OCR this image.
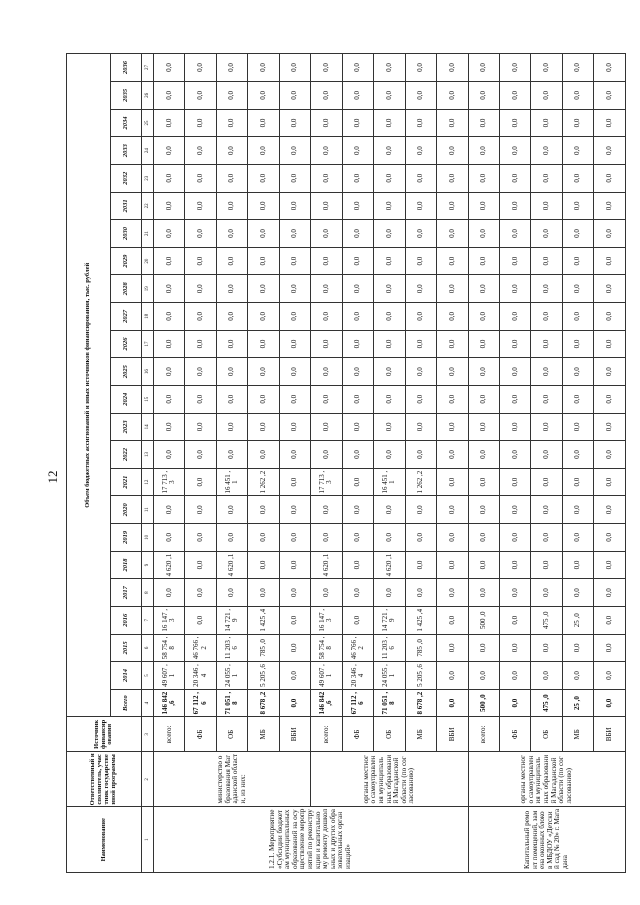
12
Наименование	Ответственный исполнитель, участник государственной программы	Источник финансирования	Объем бюджетных ассигнований и иных источников финансирования, тыс. рублей																							
			Всего	2014	2015	2016	2017	2018	2019	2020	2021	2022	2023	2024	2025	2026	2027	2028	2029	2030	2031	2032	2033	2034	2035	2036
1	2	3	4	5	6	7	8	9	10	11	12	13	14	15	16	17	18	19	20	21	22	23	24	25	26	27
1.2.1. Мероприятие «Субсидии бюджетам муниципальных образований на осуществление мероприятий по реконструкции и капитальному ремонту дошкольных и других образовательных организаций»	министерство образования Магаданской области, из них:	всего:	146 842 ,6	49 607 ,1	58 754 ,8	16 147 ,3	0,0	4 620 ,1	0,0	0,0	17 713 ,3	0,0	0,0	0,0	0,0	0,0	0,0	0,0	0,0	0,0	0,0	0,0	0,0	0,0	0,0	0,0
		ФБ	67 112 ,6	20 346 ,4	46 766 ,2	0,0	0,0	0,0	0,0	0,0	0,0	0,0	0,0	0,0	0,0	0,0	0,0	0,0	0,0	0,0	0,0	0,0	0,0	0,0	0,0	0,0
		ОБ	71 051 ,8	24 055 ,1	11 203 ,6	14 721 ,9	0,0	4 620 ,1	0,0	0,0	16 451 ,1	0,0	0,0	0,0	0,0	0,0	0,0	0,0	0,0	0,0	0,0	0,0	0,0	0,0	0,0	0,0
		МБ	8 678 ,2	5 205 ,6	785 ,0	1 425 ,4	0,0	0,0	0,0	0,0	1 262 ,2	0,0	0,0	0,0	0,0	0,0	0,0	0,0	0,0	0,0	0,0	0,0	0,0	0,0	0,0	0,0
		ВБИ	0,0	0,0	0,0	0,0	0,0	0,0	0,0	0,0	0,0	0,0	0,0	0,0	0,0	0,0	0,0	0,0	0,0	0,0	0,0	0,0	0,0	0,0	0,0	0,0
	органы местного самоуправления муниципальных образований Магаданской области (по согласованию)	всего:	146 842 ,6	49 607 ,1	58 754 ,8	16 147 ,3	0,0	4 620 ,1	0,0	0,0	17 713 ,3	0,0	0,0	0,0	0,0	0,0	0,0	0,0	0,0	0,0	0,0	0,0	0,0	0,0	0,0	0,0
		ФБ	67 112 ,6	20 346 ,4	46 766 ,2	0,0	0,0	0,0	0,0	0,0	0,0	0,0	0,0	0,0	0,0	0,0	0,0	0,0	0,0	0,0	0,0	0,0	0,0	0,0	0,0	0,0
		ОБ	71 051 ,8	24 055 ,1	11 203 ,6	14 721 ,9	0,0	4 620 ,1	0,0	0,0	16 451 ,1	0,0	0,0	0,0	0,0	0,0	0,0	0,0	0,0	0,0	0,0	0,0	0,0	0,0	0,0	0,0
		МБ	8 678 ,2	5 205 ,6	785 ,0	1 425 ,4	0,0	0,0	0,0	0,0	1 262 ,2	0,0	0,0	0,0	0,0	0,0	0,0	0,0	0,0	0,0	0,0	0,0	0,0	0,0	0,0	0,0
		ВБИ	0,0	0,0	0,0	0,0	0,0	0,0	0,0	0,0	0,0	0,0	0,0	0,0	0,0	0,0	0,0	0,0	0,0	0,0	0,0	0,0	0,0	0,0	0,0	0,0
Капитальный ремонт помещений, замена оконных блоков МБДОУ «Детский сад № 20» г. Магадана	органы местного самоуправления муниципальных образований Магаданской области (по согласованию)	всего:	500 ,0	0,0	0,0	500 ,0	0,0	0,0	0,0	0,0	0,0	0,0	0,0	0,0	0,0	0,0	0,0	0,0	0,0	0,0	0,0	0,0	0,0	0,0	0,0	0,0
		ФБ	0,0	0,0	0,0	0,0	0,0	0,0	0,0	0,0	0,0	0,0	0,0	0,0	0,0	0,0	0,0	0,0	0,0	0,0	0,0	0,0	0,0	0,0	0,0	0,0
		ОБ	475 ,0	0,0	0,0	475 ,0	0,0	0,0	0,0	0,0	0,0	0,0	0,0	0,0	0,0	0,0	0,0	0,0	0,0	0,0	0,0	0,0	0,0	0,0	0,0	0,0
		МБ	25 ,0	0,0	0,0	25 ,0	0,0	0,0	0,0	0,0	0,0	0,0	0,0	0,0	0,0	0,0	0,0	0,0	0,0	0,0	0,0	0,0	0,0	0,0	0,0	0,0
		ВБИ	0,0	0,0	0,0	0,0	0,0	0,0	0,0	0,0	0,0	0,0	0,0	0,0	0,0	0,0	0,0	0,0	0,0	0,0	0,0	0,0	0,0	0,0	0,0	0,0
